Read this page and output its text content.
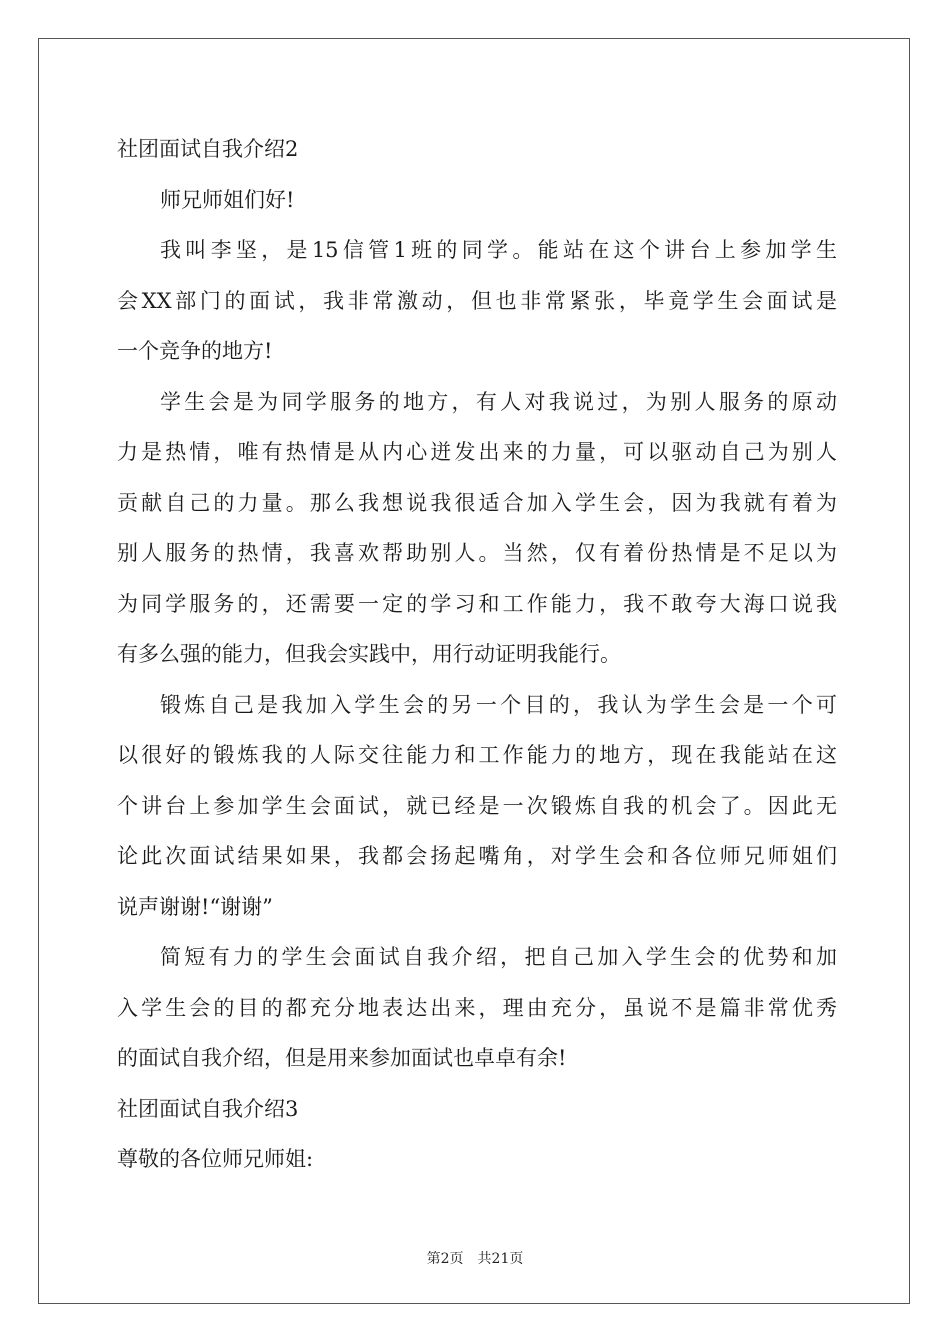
社团面试自我介绍2
师兄师姐们好!
我叫李坚，是15信管1班的同学。能站在这个讲台上参加学生
会XX部门的面试，我非常激动，但也非常紧张，毕竟学生会面试是
一个竞争的地方!
学生会是为同学服务的地方，有人对我说过，为别人服务的原动
力是热情，唯有热情是从内心迸发出来的力量，可以驱动自己为别人
贡献自己的力量。那么我想说我很适合加入学生会，因为我就有着为
别人服务的热情，我喜欢帮助别人。当然，仅有着份热情是不足以为
为同学服务的，还需要一定的学习和工作能力，我不敢夸大海口说我
有多么强的能力，但我会实践中，用行动证明我能行。
锻炼自己是我加入学生会的另一个目的，我认为学生会是一个可
以很好的锻炼我的人际交往能力和工作能力的地方，现在我能站在这
个讲台上参加学生会面试，就已经是一次锻炼自我的机会了。因此无
论此次面试结果如果，我都会扬起嘴角，对学生会和各位师兄师姐们
说声谢谢!“谢谢”
简短有力的学生会面试自我介绍，把自己加入学生会的优势和加
入学生会的目的都充分地表达出来，理由充分，虽说不是篇非常优秀
的面试自我介绍，但是用来参加面试也卓卓有余!
社团面试自我介绍3
尊敬的各位师兄师姐:
第2页 共21页
